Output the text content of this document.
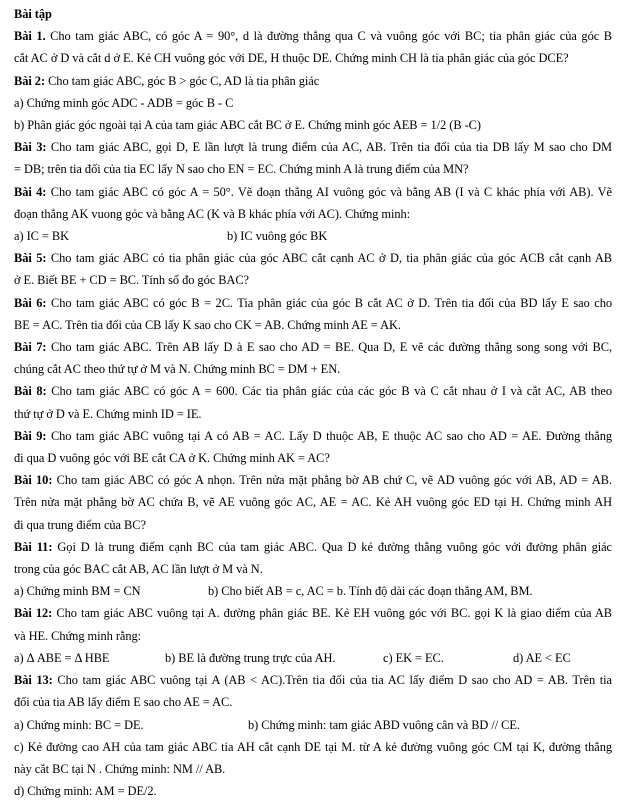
Bài tập
Bài 1. Cho tam giác ABC, có góc A = 90°, d là đường thẳng qua C và vuông góc với BC; tia phân giác của góc B
cắt AC ở D và cắt d ở E. Kẻ CH vuông góc với DE, H thuộc DE. Chứng minh CH là tia phân giác của góc DCE?
Bài 2: Cho tam giác ABC, góc B > góc C, AD là tia phân giác
a) Chứng minh góc ADC - ADB = góc B - C
b) Phân giác góc ngoài tại A của tam giác ABC cắt BC ở E. Chứng minh góc AEB = 1/2 (B -C)
Bài 3: Cho tam giác ABC, gọi D, E lần lượt là trung điểm của AC, AB. Trên tia đối của tia DB lấy M sao cho DM
= DB; trên tia đối của tia EC lấy N sao cho EN = EC. Chứng minh A là trung điểm của MN?
Bài 4: Cho tam giác ABC có góc A = 50°. Vẽ đoạn thẳng AI vuông góc và bằng AB (I và C khác phía với AB). Vẽ
đoạn thẳng AK vuong góc và bằng AC (K và B khác phía với AC). Chứng minh:
a) IC = BK	b) IC vuông góc BK
Bài 5: Cho tam giác ABC có tia phân giác của góc ABC cắt cạnh AC ở D, tia phân giác của góc ACB cắt cạnh AB
ở E. Biết BE + CD = BC. Tính số đo góc BAC?
Bài 6: Cho tam giác ABC có góc B = 2C. Tia phân giác của góc B cắt AC ở D. Trên tia đối của BD lấy E sao cho
BE = AC. Trên tia đối của CB lấy K sao cho CK = AB. Chứng minh AE = AK.
Bài 7: Cho tam giác ABC. Trên AB lấy D à E sao cho AD = BE. Qua D, E vẽ các đường thẳng song song với BC,
chúng cắt AC theo thứ tự ở M và N. Chứng minh BC = DM + EN.
Bài 8: Cho tam giác ABC có góc A = 600. Các tia phân giác của các góc B và C cắt nhau ở I và cắt AC, AB theo
thứ tự ở D và E. Chứng minh ID = IE.
Bài 9: Cho tam giác ABC vuông tại A có AB = AC. Lấy D thuộc AB, E thuộc AC sao cho AD = AE. Đường thẳng
đi qua D vuông góc với BE cắt CA ở K. Chứng minh AK = AC?
Bài 10: Cho tam giác ABC có góc A nhọn. Trên nửa mặt phẳng bờ AB chứ C, vẽ AD vuông góc với AB, AD = AB.
Trên nửa mặt phẳng bờ AC chứa B, vẽ AE vuông góc AC, AE = AC. Kẻ AH vuông góc ED tại H. Chứng minh AH
đi qua trung điểm của BC?
Bài 11: Gọi D là trung điểm cạnh BC của tam giác ABC. Qua D kẻ đường thẳng vuông góc với đường phân giác
trong của góc BAC cắt AB, AC lần lượt ở M và N.
a) Chứng minh BM = CN	b) Cho biết AB = c, AC = b. Tính độ dài các đoạn thẳng AM, BM.
Bài 12: Cho tam giác ABC vuông tại A. đường phân giác BE. Kẻ EH vuông góc với BC. gọi K là giao điểm của AB
và HE. Chứng minh rằng:
a) Δ ABE = Δ HBE	b) BE là đường trung trực của AH.	c) EK = EC.	d) AE < EC
Bài 13: Cho tam giác ABC vuông tại A (AB < AC).Trên tia đối của tia AC lấy điểm D sao cho AD = AB. Trên tia
đối của tia AB lấy điểm E sao cho AE = AC.
a) Chứng minh: BC = DE.	b) Chứng minh: tam giác ABD vuông cân và BD // CE.
c) Kẻ đường cao AH của tam giác ABC tia AH cắt cạnh DE tại M. từ A kẻ đường vuông góc CM tại K, đường thẳng
này cắt BC tại N . Chứng minh: NM // AB.
d) Chứng minh: AM = DE/2.
